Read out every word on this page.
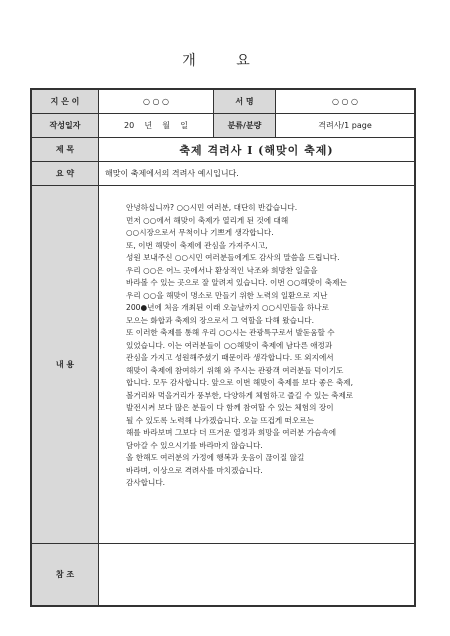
개 요
지 은 이	○ ○ ○	서 명	○ ○ ○
작성일자	20    년    월    일	분류/분량	격려사/1 page
제 목	축제 격려사 I (해맞이 축제)
요 약	해맞이 축제에서의 격려사 예시입니다.
내 용
안녕하십니까? ○○시민 여러분, 대단히 반갑습니다.
먼저 ○○에서 해맞이 축제가 열리게 된 것에 대해
○○시장으로서 무척이나 기쁘게 생각합니다.
또, 이번 해맞이 축제에 관심을 가져주시고,
성원 보내주신 ○○시민 여러분들에게도 감사의 말씀을 드립니다.
우리 ○○은 어느 곳에서나 환상적인 낙조와 희망찬 일출을
바라볼 수 있는 곳으로 잘 알려져 있습니다. 이번 ○○해맞이 축제는
우리 ○○을 해맞이 명소로 만들기 위한 노력의 일환으로 지난
200●년에 처음 개최된 이래 오늘날까지 ○○시민들을 하나로
모으는 화합과 축제의 장으로서 그 역할을 다해 왔습니다.
또 이러한 축제를 통해 우리 ○○시는 관광특구로서 발돋움할 수
있었습니다. 이는 여러분들이 ○○해맞이 축제에 남다른 애정과
관심을 가지고 성원해주셨기 때문이라 생각합니다. 또 외지에서
해맞이 축제에 참여하기 위해 와 주시는 관광객 여러분들 덕이기도
합니다. 모두 감사합니다. 앞으로 이번 해맞이 축제를 보다 좋은 축제,
볼거리와 먹을거리가 풍부한, 다양하게 체험하고 즐길 수 있는 축제로
발전시켜 보다 많은 분들이 다 함께 참여할 수 있는 체험의 장이
될 수 있도록 노력해 나가겠습니다. 오늘 뜨겁게 떠오르는
해를 바라보며 그보다 더 뜨거운 열정과 희망을 여러분 가슴속에
담아갈 수 있으시기를 바라마지 않습니다.
올 한해도 여러분의 가정에 행복과 웃음이 끊이질 않길
바라며, 이상으로 격려사를 마치겠습니다.
감사합니다.
참 조
